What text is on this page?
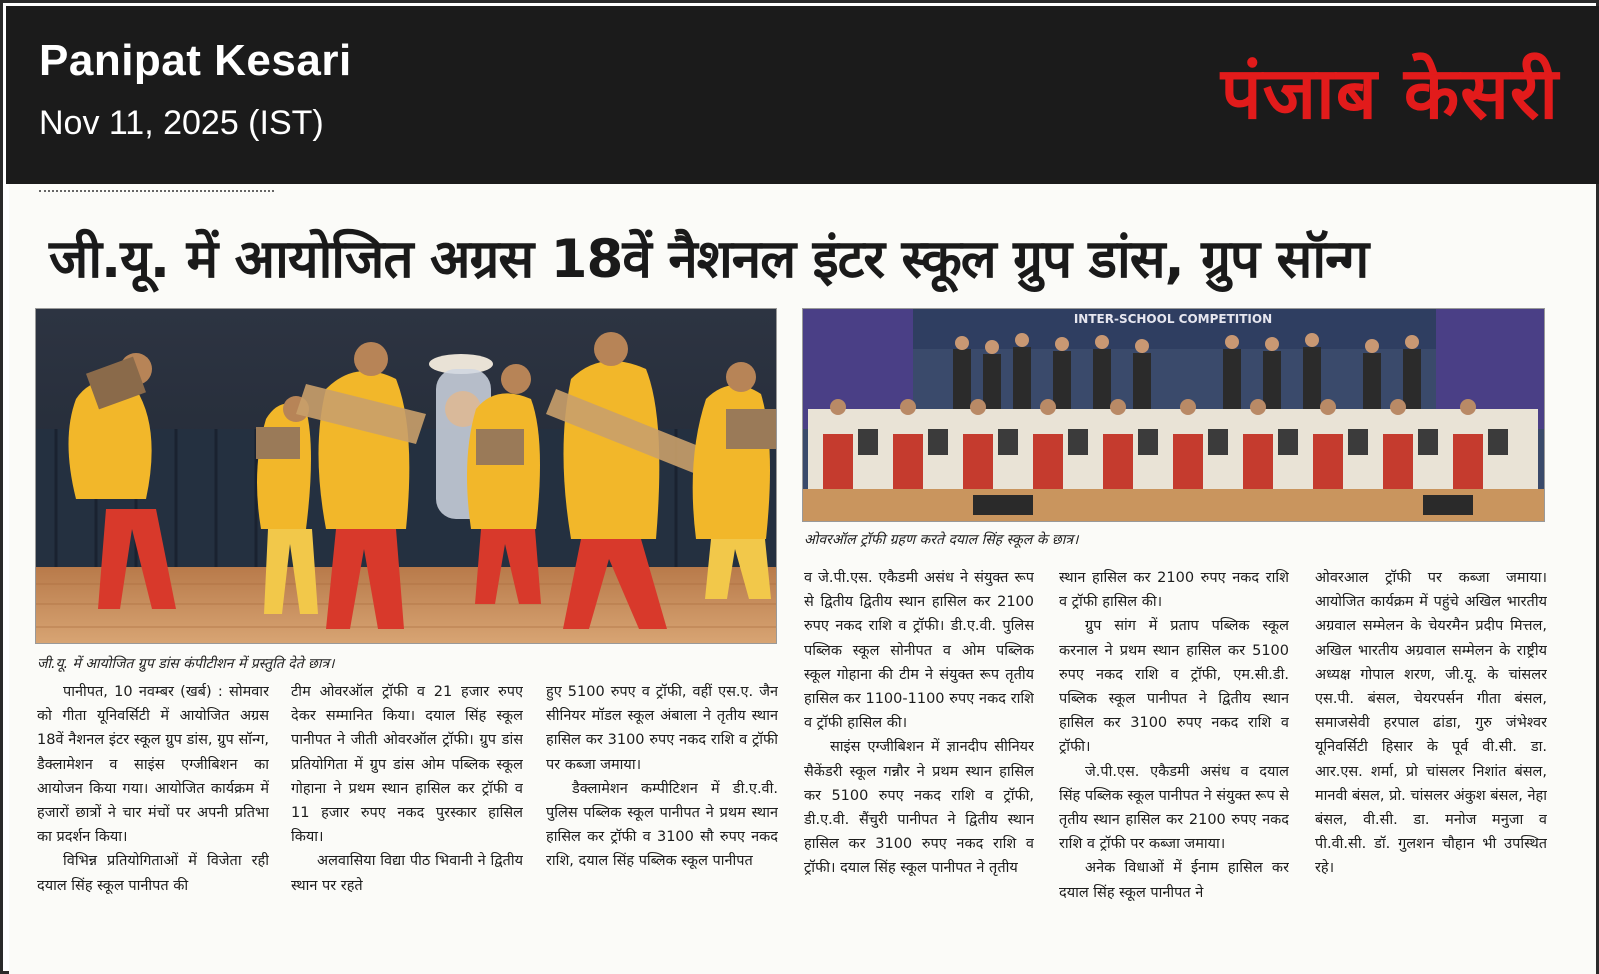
Panipat Kesari
Nov 11, 2025 (IST)	पंजाब केसरी
जी.यू. में आयोजित अग्रस 18वें नैशनल इंटर स्कूल ग्रुप डांस, ग्रुप सॉन्ग
जी.यू. में आयोजित ग्रुप डांस कंपीटीशन में प्रस्तुति देते छात्र।
INTER-SCHOOL COMPETITION
ओवरऑल ट्रॉफी ग्रहण करते दयाल सिंह स्कूल के छात्र।

पानीपत, 10 नवम्बर (खर्ब) : सोमवार को गीता यूनिवर्सिटी में आयोजित अग्रस 18वें नैशनल इंटर स्कूल ग्रुप डांस, ग्रुप सॉन्ग, डैक्लामेशन व साइंस एग्जीबिशन का आयोजन किया गया। आयोजित कार्यक्रम में हजारों छात्रों ने चार मंचों पर अपनी प्रतिभा का प्रदर्शन किया।

विभिन्न प्रतियोगिताओं में विजेता रही दयाल सिंह स्कूल पानीपत की

टीम ओवरऑल ट्रॉफी व 21 हजार रुपए देकर सम्मानित किया। दयाल सिंह स्कूल पानीपत ने जीती ओवरऑल ट्रॉफी। ग्रुप डांस प्रतियोगिता में ग्रुप डांस ओम पब्लिक स्कूल गोहाना ने प्रथम स्थान हासिल कर ट्रॉफी व 11 हजार रुपए नकद पुरस्कार हासिल किया।

अलवासिया विद्या पीठ भिवानी ने द्वितीय स्थान पर रहते

हुए 5100 रुपए व ट्रॉफी, वहीं एस.ए. जैन सीनियर मॉडल स्कूल अंबाला ने तृतीय स्थान हासिल कर 3100 रुपए नकद राशि व ट्रॉफी पर कब्जा जमाया।

डैक्लामेशन कम्पीटिशन में डी.ए.वी. पुलिस पब्लिक स्कूल पानीपत ने प्रथम स्थान हासिल कर ट्रॉफी व 3100 सौ रुपए नकद राशि, दयाल सिंह पब्लिक स्कूल पानीपत

व जे.पी.एस. एकैडमी असंध ने संयुक्त रूप से द्वितीय द्वितीय स्थान हासिल कर 2100 रुपए नकद राशि व ट्रॉफी। डी.ए.वी. पुलिस पब्लिक स्कूल सोनीपत व ओम पब्लिक स्कूल गोहाना की टीम ने संयुक्त रूप तृतीय हासिल कर 1100-1100 रुपए नकद राशि व ट्रॉफी हासिल की।

साइंस एग्जीबिशन में ज्ञानदीप सीनियर सैकेंडरी स्कूल गन्नौर ने प्रथम स्थान हासिल कर 5100 रुपए नकद राशि व ट्रॉफी, डी.ए.वी. सैंचुरी पानीपत ने द्वितीय स्थान हासिल कर 3100 रुपए नकद राशि व ट्रॉफी। दयाल सिंह स्कूल पानीपत ने तृतीय

स्थान हासिल कर 2100 रुपए नकद राशि व ट्रॉफी हासिल की।

ग्रुप सांग में प्रताप पब्लिक स्कूल करनाल ने प्रथम स्थान हासिल कर 5100 रुपए नकद राशि व ट्रॉफी, एम.सी.डी. पब्लिक स्कूल पानीपत ने द्वितीय स्थान हासिल कर 3100 रुपए नकद राशि व ट्रॉफी।

जे.पी.एस. एकैडमी असंध व दयाल सिंह पब्लिक स्कूल पानीपत ने संयुक्त रूप से तृतीय स्थान हासिल कर 2100 रुपए नकद राशि व ट्रॉफी पर कब्जा जमाया।

अनेक विधाओं में ईनाम हासिल कर दयाल सिंह स्कूल पानीपत ने

ओवरआल ट्रॉफी पर कब्जा जमाया। आयोजित कार्यक्रम में पहुंचे अखिल भारतीय अग्रवाल सम्मेलन के चेयरमैन प्रदीप मित्तल, अखिल भारतीय अग्रवाल सम्मेलन के राष्ट्रीय अध्यक्ष गोपाल शरण, जी.यू. के चांसलर एस.पी. बंसल, चेयरपर्सन गीता बंसल, समाजसेवी हरपाल ढांडा, गुरु जंभेश्वर यूनिवर्सिटी हिसार के पूर्व वी.सी. डा. आर.एस. शर्मा, प्रो चांसलर निशांत बंसल, मानवी बंसल, प्रो. चांसलर अंकुश बंसल, नेहा बंसल, वी.सी. डा. मनोज मनुजा व पी.वी.सी. डॉ. गुलशन चौहान भी उपस्थित रहे।
